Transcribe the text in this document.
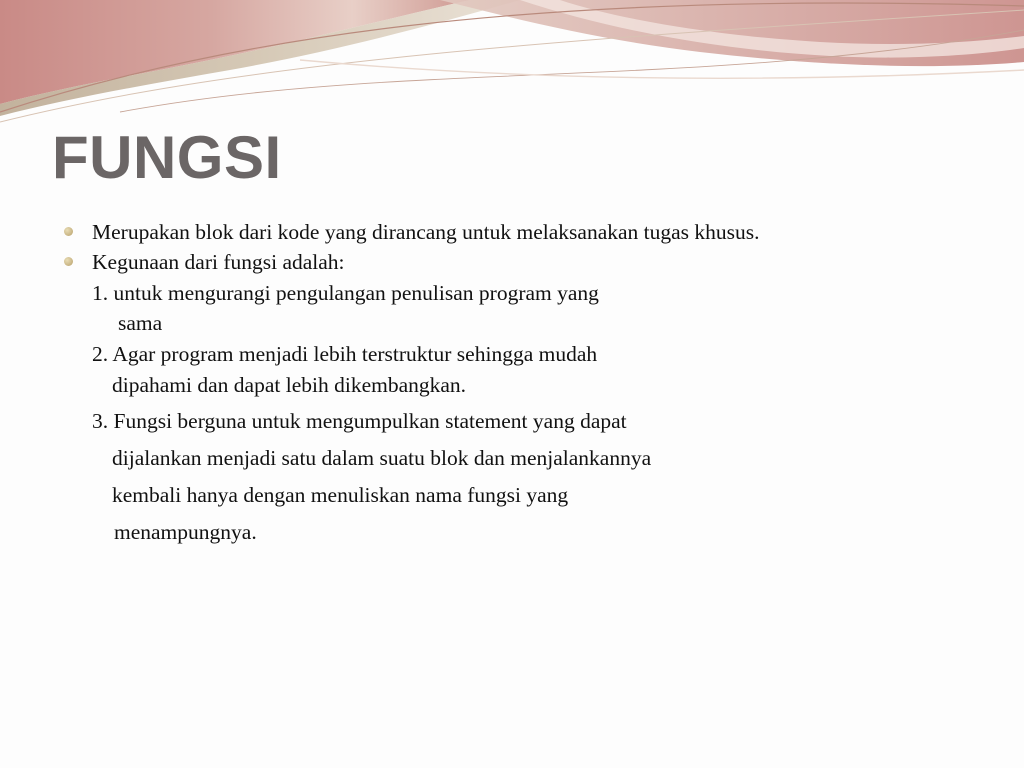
FUNGSI
Merupakan blok dari kode yang dirancang untuk melaksanakan tugas khusus.
Kegunaan dari fungsi adalah:
1. untuk mengurangi pengulangan penulisan program yang
sama
2. Agar program menjadi lebih terstruktur sehingga mudah
dipahami dan dapat lebih dikembangkan.
3. Fungsi berguna untuk mengumpulkan statement yang dapat
dijalankan menjadi satu dalam suatu blok dan menjalankannya
kembali hanya dengan menuliskan nama fungsi yang
menampungnya.
